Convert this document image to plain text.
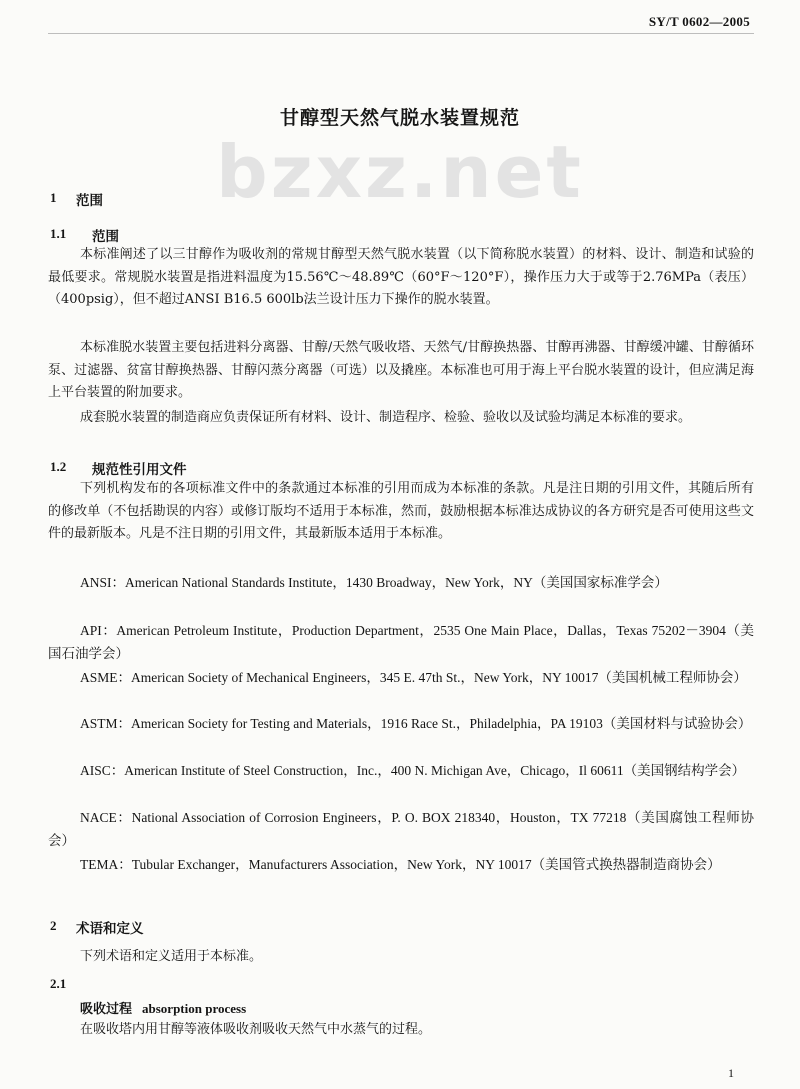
SY/T 0602—2005
甘醇型天然气脱水装置规范
bzxz.net
1 范围
1.1 范围

本标准阐述了以三甘醇作为吸收剂的常规甘醇型天然气脱水装置（以下简称脱水装置）的材料、设计、制造和试验的最低要求。常规脱水装置是指进料温度为15.56℃～48.89℃（60°F～120°F），操作压力大于或等于2.76MPa（表压）（400psig），但不超过ANSI B16.5 600lb法兰设计压力下操作的脱水装置。

本标准脱水装置主要包括进料分离器、甘醇/天然气吸收塔、天然气/甘醇换热器、甘醇再沸器、甘醇缓冲罐、甘醇循环泵、过滤器、贫富甘醇换热器、甘醇闪蒸分离器（可选）以及撬座。本标准也可用于海上平台脱水装置的设计，但应满足海上平台装置的附加要求。

成套脱水装置的制造商应负责保证所有材料、设计、制造程序、检验、验收以及试验均满足本标准的要求。

1.2 规范性引用文件

下列机构发布的各项标准文件中的条款通过本标准的引用而成为本标准的条款。凡是注日期的引用文件，其随后所有的修改单（不包括勘误的内容）或修订版均不适用于本标准，然而，鼓励根据本标准达成协议的各方研究是否可使用这些文件的最新版本。凡是不注日期的引用文件，其最新版本适用于本标准。

ANSI：American National Standards Institute，1430 Broadway，New York，NY（美国国家标准学会）

API：American Petroleum Institute，Production Department，2535 One Main Place，Dallas，Texas 75202－3904（美国石油学会）

ASME：American Society of Mechanical Engineers，345 E. 47th St.，New York，NY 10017（美国机械工程师协会）

ASTM：American Society for Testing and Materials，1916 Race St.，Philadelphia，PA 19103（美国材料与试验协会）

AISC：American Institute of Steel Construction，Inc.，400 N. Michigan Ave，Chicago，Il 60611（美国钢结构学会）

NACE：National Association of Corrosion Engineers，P. O. BOX 218340，Houston，TX 77218（美国腐蚀工程师协会）

TEMA：Tubular Exchanger，Manufacturers Association，New York，NY 10017（美国管式换热器制造商协会）

2 术语和定义

下列术语和定义适用于本标准。

2.1
吸收过程 absorption process

在吸收塔内用甘醇等液体吸收剂吸收天然气中水蒸气的过程。

1
